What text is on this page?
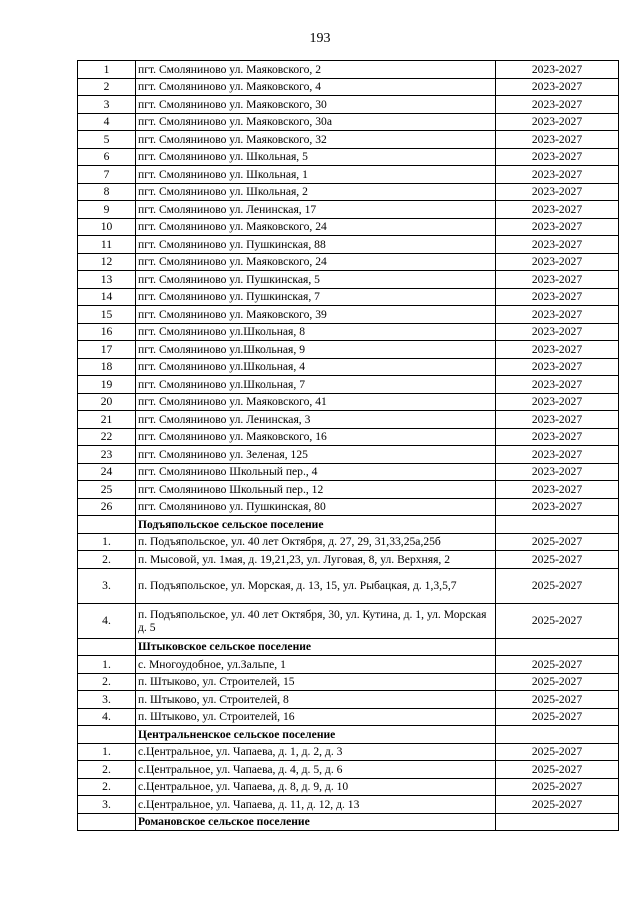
193
1	пгт. Смоляниново ул. Маяковского, 2	2023-2027
2	пгт. Смоляниново ул. Маяковского, 4	2023-2027
3	пгт. Смоляниново ул. Маяковского, 30	2023-2027
4	пгт. Смоляниново ул. Маяковского, 30а	2023-2027
5	пгт. Смоляниново ул. Маяковского, 32	2023-2027
6	пгт. Смоляниново ул. Школьная, 5	2023-2027
7	пгт. Смоляниново ул. Школьная, 1	2023-2027
8	пгт. Смоляниново ул. Школьная, 2	2023-2027
9	пгт. Смоляниново ул. Ленинская, 17	2023-2027
10	пгт. Смоляниново ул. Маяковского, 24	2023-2027
11	пгт. Смоляниново ул. Пушкинская, 88	2023-2027
12	пгт. Смоляниново ул. Маяковского, 24	2023-2027
13	пгт. Смоляниново ул. Пушкинская, 5	2023-2027
14	пгт. Смоляниново ул. Пушкинская, 7	2023-2027
15	пгт. Смоляниново ул. Маяковского, 39	2023-2027
16	пгт. Смоляниново ул.Школьная, 8	2023-2027
17	пгт. Смоляниново ул.Школьная, 9	2023-2027
18	пгт. Смоляниново ул.Школьная, 4	2023-2027
19	пгт. Смоляниново ул.Школьная, 7	2023-2027
20	пгт. Смоляниново ул. Маяковского, 41	2023-2027
21	пгт. Смоляниново ул. Ленинская, 3	2023-2027
22	пгт. Смоляниново ул. Маяковского, 16	2023-2027
23	пгт. Смоляниново ул. Зеленая, 125	2023-2027
24	пгт. Смоляниново Школьный пер., 4	2023-2027
25	пгт. Смоляниново Школьный пер., 12	2023-2027
26	пгт. Смоляниново ул. Пушкинская, 80	2023-2027
	Подъяпольское сельское поселение	
1.	п. Подъяпольское, ул. 40 лет Октября, д. 27, 29, 31,33,25а,25б	2025-2027
2.	п. Мысовой, ул. 1мая, д. 19,21,23, ул. Луговая, 8, ул. Верхняя, 2	2025-2027
3.	п. Подъяпольское, ул. Морская, д. 13, 15, ул. Рыбацкая, д. 1,3,5,7	2025-2027
4.	п. Подъяпольское, ул. 40 лет Октября, 30, ул. Кутина, д. 1, ул. Морская д. 5	2025-2027
	Штыковское сельское поселение	
1.	с. Многоудобное, ул.Зальпе, 1	2025-2027
2.	п. Штыково, ул. Строителей, 15	2025-2027
3.	п. Штыково, ул. Строителей, 8	2025-2027
4.	п. Штыково, ул. Строителей, 16	2025-2027
	Центральненское сельское поселение	
1.	с.Центральное, ул. Чапаева, д. 1, д. 2, д. 3	2025-2027
2.	с.Центральное, ул. Чапаева, д. 4, д. 5, д. 6	2025-2027
2.	с.Центральное, ул. Чапаева, д. 8, д. 9, д. 10	2025-2027
3.	с.Центральное, ул. Чапаева, д. 11, д. 12, д. 13	2025-2027
	Романовское сельское поселение	
